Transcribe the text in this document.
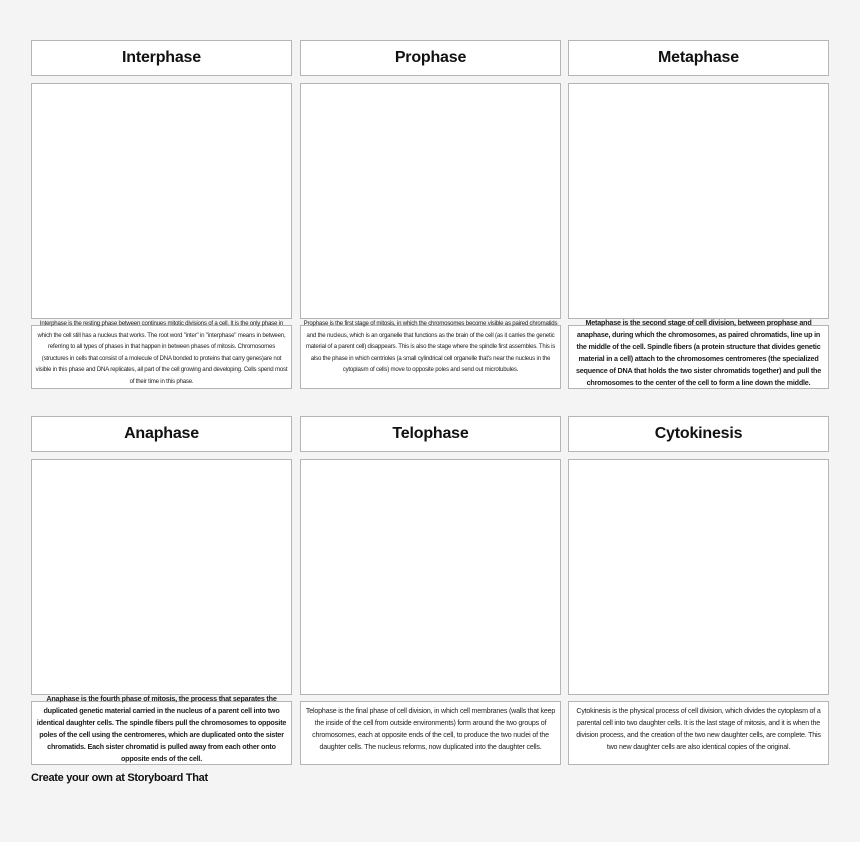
Interphase
Interphase is the resting phase between continues mitotic divisions of a cell. It is the only phase in which the cell still has a nucleus that works. The root word "inter" in "interphase" means in between, referring to all types of phases in that happen in between phases of mitosis. Chromosomes (structures in cells that consist of a molecule of DNA bonded to proteins that carry genes)are not visible in this phase and DNA replicates, all part of the cell growing and developing. Cells spend most of their time in this phase.
Prophase
Prophase is the first stage of mitosis, in which the chromosomes become visible as paired chromatids and the nucleus, which is an organelle that functions as the brain of the cell (as it carries the genetic material of a parent cell) disappears. This is also the stage where the spindle first assembles. This is also the phase in which centrioles (a small cylindrical cell organelle that's near the nucleus in the cytoplasm of cells) move to opposite poles and send out microtubules.
Metaphase
Metaphase is the second stage of cell division, between prophase and anaphase, during which the chromosomes, as paired chromatids, line up in the middle of the cell. Spindle fibers (a protein structure that divides genetic material in a cell) attach to the chromosomes centromeres (the specialized sequence of DNA that holds the two sister chromatids together) and pull the chromosomes to the center of the cell to form a line down the middle.
Anaphase
Anaphase is the fourth phase of mitosis, the process that separates the duplicated genetic material carried in the nucleus of a parent cell into two identical daughter cells. The spindle fibers pull the chromosomes to opposite poles of the cell using the centromeres, which are duplicated onto the sister chromatids. Each sister chromatid is pulled away from each other onto opposite ends of the cell.
Telophase
Telophase is the final phase of cell division, in which cell membranes (walls that keep the inside of the cell from outside environments) form around the two groups of chromosomes, each at opposite ends of the cell, to produce the two nuclei of the daughter cells. The nucleus reforms, now duplicated into the daughter cells.
Cytokinesis
Cytokinesis is the physical process of cell division, which divides the cytoplasm of a parental cell into two daughter cells. It is the last stage of mitosis, and it is when the division process, and the creation of the two new daughter cells, are complete. This two new daughter cells are also identical copies of the original.
Create your own at Storyboard That
